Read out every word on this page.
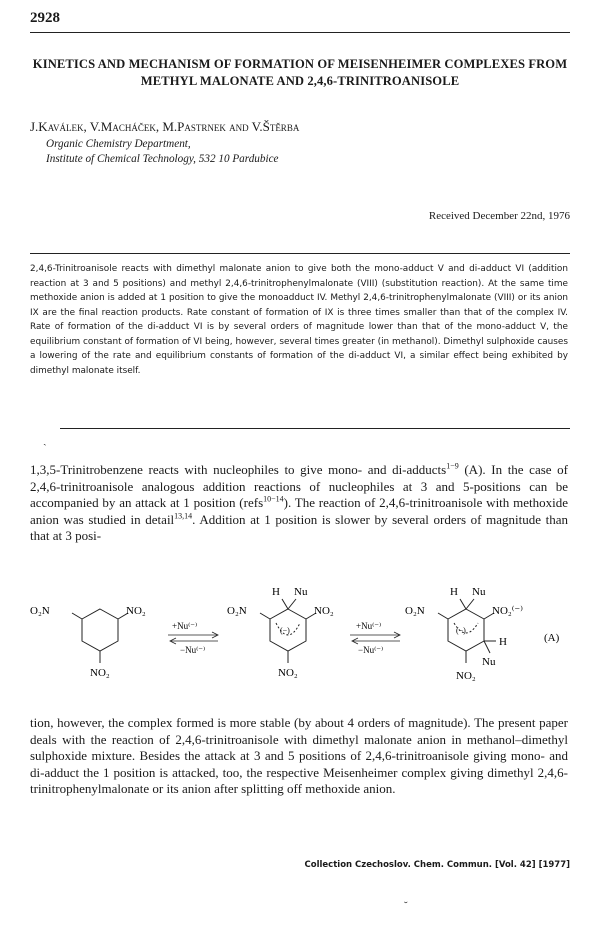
2928
KINETICS AND MECHANISM OF FORMATION OF MEISENHEIMER COMPLEXES FROM METHYL MALONATE AND 2,4,6-TRINITROANISOLE
J.Kaválek, V.Macháček, M.Pastrnek and V.Štěrba
Organic Chemistry Department,
Institute of Chemical Technology, 532 10 Pardubice
Received December 22nd, 1976
2,4,6-Trinitroanisole reacts with dimethyl malonate anion to give both the mono-adduct V and di-adduct VI (addition reaction at 3 and 5 positions) and methyl 2,4,6-trinitrophenylmalonate (VIII) (substitution reaction). At the same time methoxide anion is added at 1 position to give the monoadduct IV. Methyl 2,4,6-trinitrophenylmalonate (VIII) or its anion IX are the final reaction products. Rate constant of formation of IX is three times smaller than that of the complex IV. Rate of formation of the di-adduct VI is by several orders of magnitude lower than that of the mono-adduct V, the equilibrium constant of formation of VI being, however, several times greater (in methanol). Dimethyl sulphoxide causes a lowering of the rate and equilibrium constants of formation of the di-adduct VI, a similar effect being exhibited by dimethyl malonate itself.
ˎ
1,3,5-Trinitrobenzene reacts with nucleophiles to give mono- and di-adducts$^{1-9}$ (A). In the case of 2,4,6-trinitroanisole analogous addition reactions of nucleophiles at 3 and 5-positions can be accompanied by an attack at 1 position (refs$^{10-14}$). The reaction of 2,4,6-trinitroanisole with methoxide anion was studied in detail$^{13,14}$. Addition at 1 position is slower by several orders of magnitude than that at 3 posi-
O₂N	NO₂
NO₂
+Nu⁽⁻⁾
−Nu⁽⁻⁾
H Nu
O₂N	NO₂
(−)
NO₂
+Nu⁽⁻⁾
−Nu⁽⁻⁾
H Nu
O₂N	NO₂⁽⁻⁾
(−)
H
Nu
NO₂
(A)
tion, however, the complex formed is more stable (by about 4 orders of magnitude). The present paper deals with the reaction of 2,4,6-trinitroanisole with dimethyl malonate anion in methanol–dimethyl sulphoxide mixture. Besides the attack at 3 and 5 positions of 2,4,6-trinitroanisole giving mono- and di-adduct the 1 position is attacked, too, the respective Meisenheimer complex giving dimethyl 2,4,6-trinitrophenylmalonate or its anion after splitting off methoxide anion.
Collection Czechoslov. Chem. Commun. [Vol. 42] [1977]
˘
